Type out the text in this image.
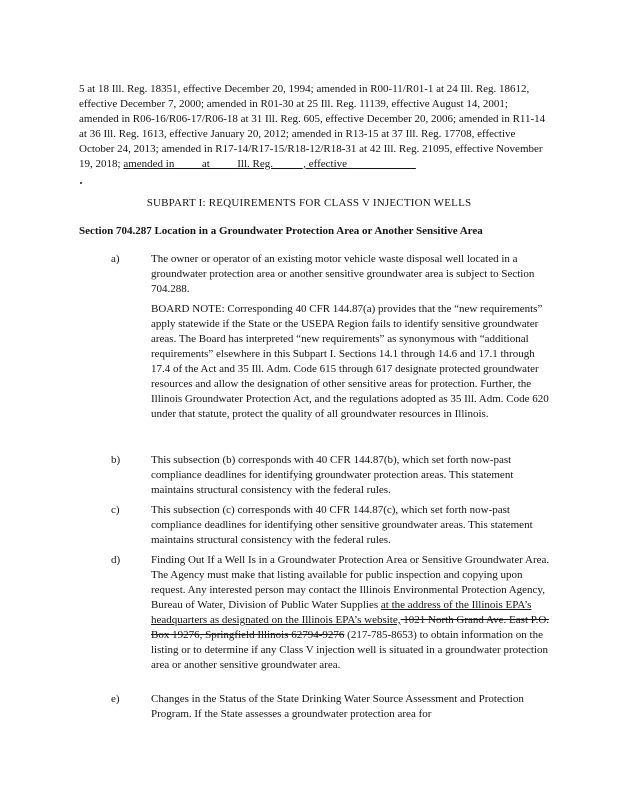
5 at 18 Ill. Reg. 18351, effective December 20, 1994; amended in R00-11/R01-1 at 24 Ill. Reg. 18612, effective December 7, 2000; amended in R01-30 at 25 Ill. Reg. 11139, effective August 14, 2001; amended in R06-16/R06-17/R06-18 at 31 Ill. Reg. 605, effective December 20, 2006; amended in R11-14 at 36 Ill. Reg. 1613, effective January 20, 2012; amended in R13-15 at 37 Ill. Reg. 17708, effective October 24, 2013; amended in R17-14/R17-15/R18-12/R18-31 at 42 Ill. Reg. 21095, effective November 19, 2018; amended in ____ at ____ Ill. Reg. _____, effective ____________
SUBPART I: REQUIREMENTS FOR CLASS V INJECTION WELLS
Section 704.287 Location in a Groundwater Protection Area or Another Sensitive Area
a)	The owner or operator of an existing motor vehicle waste disposal well located in a groundwater protection area or another sensitive groundwater area is subject to Section 704.288.
BOARD NOTE: Corresponding 40 CFR 144.87(a) provides that the “new requirements” apply statewide if the State or the USEPA Region fails to identify sensitive groundwater areas. The Board has interpreted “new requirements” as synonymous with “additional requirements” elsewhere in this Subpart I. Sections 14.1 through 14.6 and 17.1 through 17.4 of the Act and 35 Ill. Adm. Code 615 through 617 designate protected groundwater resources and allow the designation of other sensitive areas for protection. Further, the Illinois Groundwater Protection Act, and the regulations adopted as 35 Ill. Adm. Code 620 under that statute, protect the quality of all groundwater resources in Illinois.
b)	This subsection (b) corresponds with 40 CFR 144.87(b), which set forth now-past compliance deadlines for identifying groundwater protection areas. This statement maintains structural consistency with the federal rules.
c)	This subsection (c) corresponds with 40 CFR 144.87(c), which set forth now-past compliance deadlines for identifying other sensitive groundwater areas. This statement maintains structural consistency with the federal rules.
d)	Finding Out If a Well Is in a Groundwater Protection Area or Sensitive Groundwater Area. The Agency must make that listing available for public inspection and copying upon request. Any interested person may contact the Illinois Environmental Protection Agency, Bureau of Water, Division of Public Water Supplies at the address of the Illinois EPA’s headquarters as designated on the Illinois EPA’s website, 1021 North Grand Ave. East P.O. Box 19276, Springfield Illinois 62794-9276 (217-785-8653) to obtain information on the listing or to determine if any Class V injection well is situated in a groundwater protection area or another sensitive groundwater area.
e)	Changes in the Status of the State Drinking Water Source Assessment and Protection Program. If the State assesses a groundwater protection area for
